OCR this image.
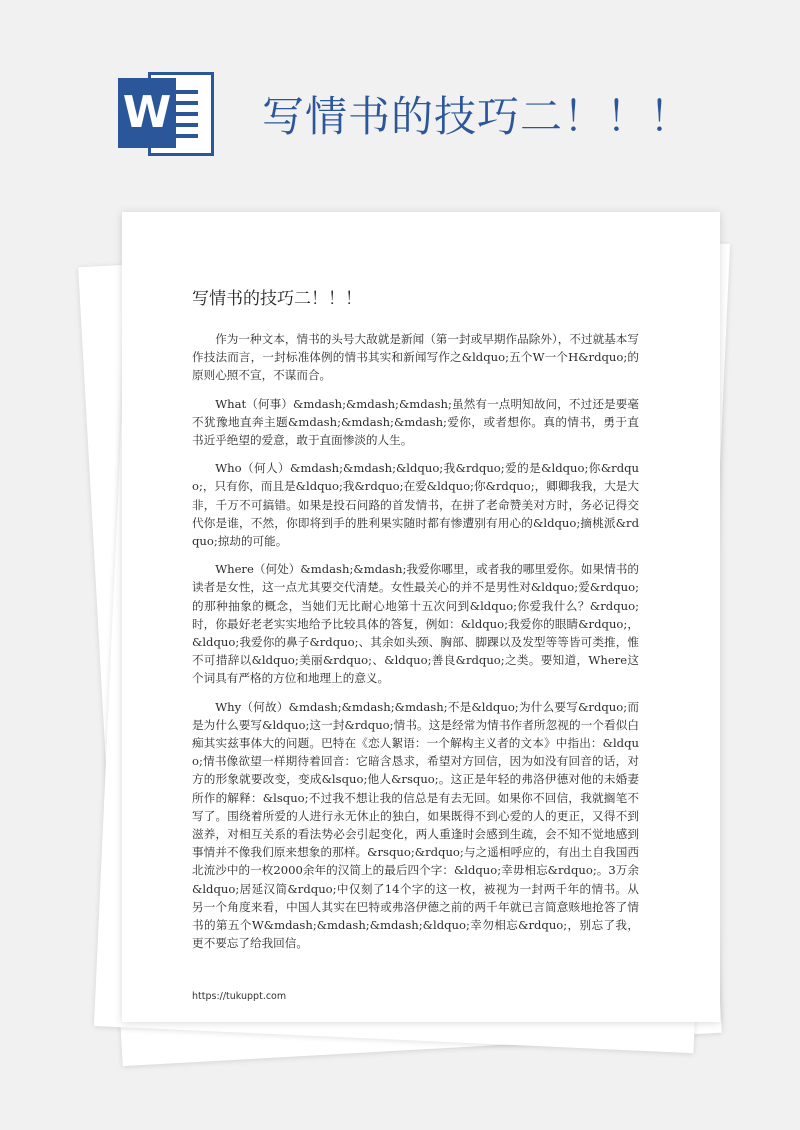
W 写情书的技巧二！！！
写情书的技巧二！！！

作为一种文本，情书的头号大敌就是新闻（第一封或早期作品除外），不过就基本写作技法而言，一封标准体例的情书其实和新闻写作之&ldquo;五个W一个H&rdquo;的原则心照不宣，不谋而合。

What（何事）&mdash;&mdash;&mdash;虽然有一点明知故问，不过还是要毫不犹豫地直奔主题&mdash;&mdash;&mdash;爱你，或者想你。真的情书，勇于直书近乎绝望的爱意，敢于直面惨淡的人生。

Who（何人）&mdash;&mdash;&ldquo;我&rdquo;爱的是&ldquo;你&rdquo;，只有你，而且是&ldquo;我&rdquo;在爱&ldquo;你&rdquo;，卿卿我我，大是大非，千万不可搞错。如果是投石问路的首发情书，在拼了老命赞美对方时，务必记得交代你是谁，不然，你即将到手的胜利果实随时都有惨遭别有用心的&ldquo;摘桃派&rdquo;掠劫的可能。

Where（何处）&mdash;&mdash;我爱你哪里，或者我的哪里爱你。如果情书的读者是女性，这一点尤其要交代清楚。女性最关心的并不是男性对&ldquo;爱&rdquo;的那种抽象的概念，当她们无比耐心地第十五次问到&ldquo;你爱我什么？&rdquo;时，你最好老老实实地给予比较具体的答复，例如：&ldquo;我爱你的眼睛&rdquo;，&ldquo;我爱你的鼻子&rdquo;、其余如头颈、胸部、脚踝以及发型等等皆可类推，惟不可措辞以&ldquo;美丽&rdquo;、&ldquo;善良&rdquo;之类。要知道，Where这个词具有严格的方位和地理上的意义。

Why（何故）&mdash;&mdash;&mdash;不是&ldquo;为什么要写&rdquo;而是为什么要写&ldquo;这一封&rdquo;情书。这是经常为情书作者所忽视的一个看似白痴其实兹事体大的问题。巴特在《恋人絮语：一个解构主义者的文本》中指出：&ldquo;情书像欲望一样期待着回音：它暗含恳求，希望对方回信，因为如没有回音的话，对方的形象就要改变，变成&lsquo;他人&rsquo;。这正是年轻的弗洛伊德对他的未婚妻所作的解释：&lsquo;不过我不想让我的信总是有去无回。如果你不回信，我就搁笔不写了。围绕着所爱的人进行永无休止的独白，如果既得不到心爱的人的更正，又得不到滋养，对相互关系的看法势必会引起变化，两人重逢时会感到生疏，会不知不觉地感到事情并不像我们原来想象的那样。&rsquo;&rdquo;与之遥相呼应的，有出土自我国西北流沙中的一枚2000余年的汉简上的最后四个字：&ldquo;幸毋相忘&rdquo;。3万余&ldquo;居延汉简&rdquo;中仅刻了14个字的这一枚，被视为一封两千年的情书。从另一个角度来看，中国人其实在巴特或弗洛伊德之前的两千年就已言简意赅地抢答了情书的第五个W&mdash;&mdash;&mdash;&ldquo;幸勿相忘&rdquo;，别忘了我，更不要忘了给我回信。

https://tukuppt.com
